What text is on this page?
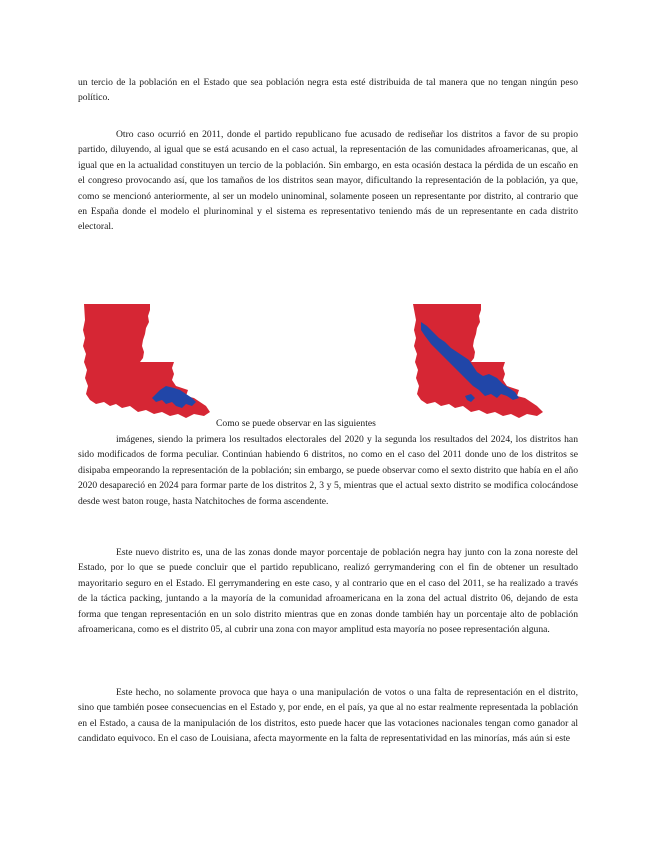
un tercio de la población en el Estado que sea población negra esta esté distribuida de tal manera que no tengan ningún peso político.

Otro caso ocurrió en 2011, donde el partido republicano fue acusado de rediseñar los distritos a favor de su propio partido, diluyendo, al igual que se está acusando en el caso actual, la representación de las comunidades afroamericanas, que, al igual que en la actualidad constituyen un tercio de la población. Sin embargo, en esta ocasión destaca la pérdida de un escaño en el congreso provocando así, que los tamaños de los distritos sean mayor, dificultando la representación de la población, ya que, como se mencionó anteriormente, al ser un modelo uninominal, solamente poseen un representante por distrito, al contrario que en España donde el modelo el plurinominal y el sistema es representativo teniendo más de un representante en cada distrito electoral.

Como se puede observar en las siguientes

imágenes, siendo la primera los resultados electorales del 2020 y la segunda los resultados del 2024, los distritos han sido modificados de forma peculiar. Continúan habiendo 6 distritos, no como en el caso del 2011 donde uno de los distritos se disipaba empeorando la representación de la población; sin embargo, se puede observar como el sexto distrito que había en el año 2020 desapareció en 2024 para formar parte de los distritos 2, 3 y 5, mientras que el actual sexto distrito se modifica colocándose desde west baton rouge, hasta Natchitoches de forma ascendente.

Este nuevo distrito es, una de las zonas donde mayor porcentaje de población negra hay junto con la zona noreste del Estado, por lo que se puede concluir que el partido republicano, realizó gerrymandering con el fin de obtener un resultado mayoritario seguro en el Estado. El gerrymandering en este caso, y al contrario que en el caso del 2011, se ha realizado a través de la táctica packing, juntando a la mayoría de la comunidad afroamericana en la zona del actual distrito 06, dejando de esta forma que tengan representación en un solo distrito mientras que en zonas donde también hay un porcentaje alto de población afroamericana, como es el distrito 05, al cubrir una zona con mayor amplitud esta mayoría no posee representación alguna.

Este hecho, no solamente provoca que haya o una manipulación de votos o una falta de representación en el distrito, sino que también posee consecuencias en el Estado y, por ende, en el país, ya que al no estar realmente representada la población en el Estado, a causa de la manipulación de los distritos, esto puede hacer que las votaciones nacionales tengan como ganador al candidato equivoco. En el caso de Louisiana, afecta mayormente en la falta de representatividad en las minorías, más aún si este
